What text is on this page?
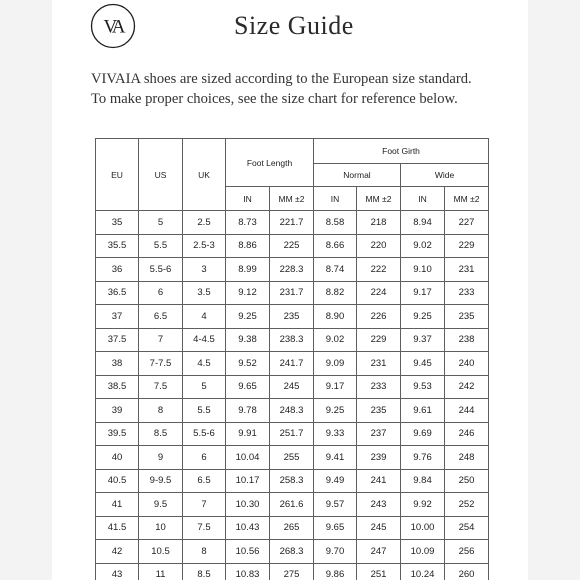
VA	Size Guide

VIVAIA shoes are sized according to the European size standard.

To make proper choices, see the size chart for reference below.

EU	US	UK	Foot Length		Foot Girth			
					Normal		Wide	
			IN	MM ±2	IN	MM ±2	IN	MM ±2
35	5	2.5	8.73	221.7	8.58	218	8.94	227
35.5	5.5	2.5-3	8.86	225	8.66	220	9.02	229
36	5.5-6	3	8.99	228.3	8.74	222	9.10	231
36.5	6	3.5	9.12	231.7	8.82	224	9.17	233
37	6.5	4	9.25	235	8.90	226	9.25	235
37.5	7	4-4.5	9.38	238.3	9.02	229	9.37	238
38	7-7.5	4.5	9.52	241.7	9.09	231	9.45	240
38.5	7.5	5	9.65	245	9.17	233	9.53	242
39	8	5.5	9.78	248.3	9.25	235	9.61	244
39.5	8.5	5.5-6	9.91	251.7	9.33	237	9.69	246
40	9	6	10.04	255	9.41	239	9.76	248
40.5	9-9.5	6.5	10.17	258.3	9.49	241	9.84	250
41	9.5	7	10.30	261.6	9.57	243	9.92	252
41.5	10	7.5	10.43	265	9.65	245	10.00	254
42	10.5	8	10.56	268.3	9.70	247	10.09	256
43	11	8.5	10.83	275	9.86	251	10.24	260
